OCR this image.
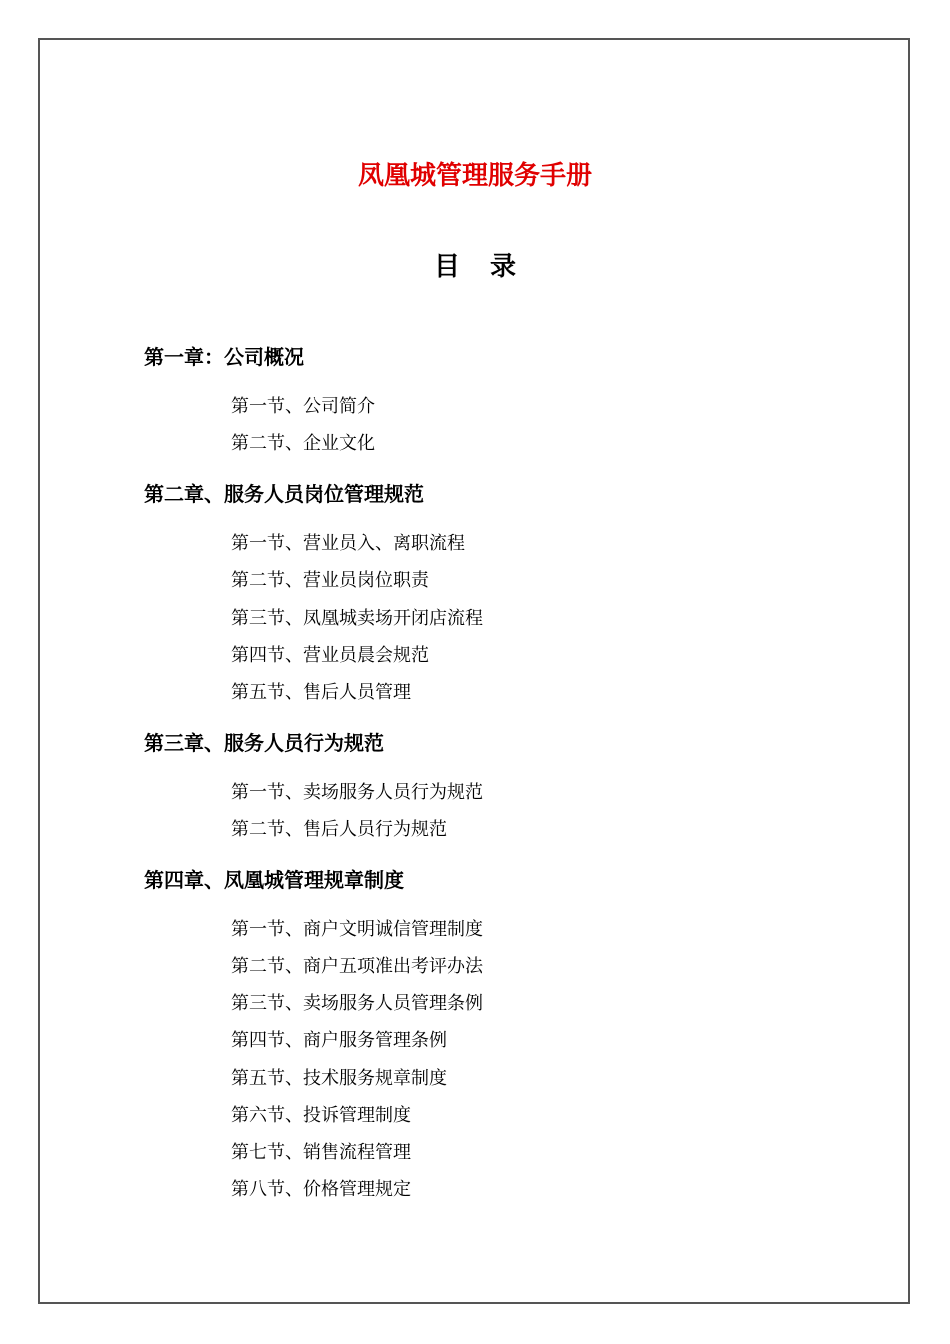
凤凰城管理服务手册
目 录
第一章：公司概况
第一节、公司简介
第二节、企业文化
第二章、服务人员岗位管理规范
第一节、营业员入、离职流程
第二节、营业员岗位职责
第三节、凤凰城卖场开闭店流程
第四节、营业员晨会规范
第五节、售后人员管理
第三章、服务人员行为规范
第一节、卖场服务人员行为规范
第二节、售后人员行为规范
第四章、凤凰城管理规章制度
第一节、商户文明诚信管理制度
第二节、商户五项准出考评办法
第三节、卖场服务人员管理条例
第四节、商户服务管理条例
第五节、技术服务规章制度
第六节、投诉管理制度
第七节、销售流程管理
第八节、价格管理规定
